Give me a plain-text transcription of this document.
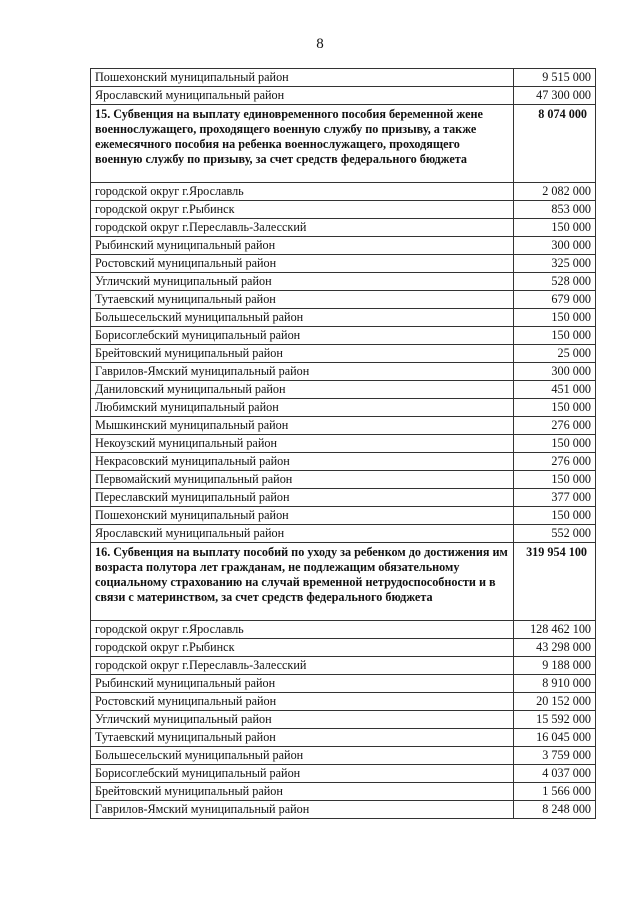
8
Пошехонский муниципальный район	9 515 000
Ярославский муниципальный район	47 300 000
15. Субвенция на выплату единовременного пособия беременной жене военнослужащего, проходящего военную службу по призыву, а также ежемесячного пособия на ребенка военнослужащего, проходящего военную службу по призыву, за счет средств федерального бюджета	8 074 000
городской округ г.Ярославль	2 082 000
городской округ г.Рыбинск	853 000
городской округ г.Переславль-Залесский	150 000
Рыбинский муниципальный район	300 000
Ростовский муниципальный район	325 000
Угличский муниципальный район	528 000
Тутаевский муниципальный район	679 000
Большесельский муниципальный район	150 000
Борисоглебский муниципальный район	150 000
Брейтовский муниципальный район	25 000
Гаврилов-Ямский муниципальный район	300 000
Даниловский муниципальный район	451 000
Любимский муниципальный район	150 000
Мышкинский муниципальный район	276 000
Некоузский муниципальный район	150 000
Некрасовский муниципальный район	276 000
Первомайский муниципальный район	150 000
Переславский муниципальный район	377 000
Пошехонский муниципальный район	150 000
Ярославский муниципальный район	552 000
16. Субвенция на выплату пособий по уходу за ребенком до достижения им возраста полутора лет гражданам, не подлежащим обязательному социальному страхованию на случай временной нетрудоспособности и в связи с материнством, за счет средств федерального бюджета	319 954 100
городской округ г.Ярославль	128 462 100
городской округ г.Рыбинск	43 298 000
городской округ г.Переславль-Залесский	9 188 000
Рыбинский муниципальный район	8 910 000
Ростовский муниципальный район	20 152 000
Угличский муниципальный район	15 592 000
Тутаевский муниципальный район	16 045 000
Большесельский муниципальный район	3 759 000
Борисоглебский муниципальный район	4 037 000
Брейтовский муниципальный район	1 566 000
Гаврилов-Ямский муниципальный район	8 248 000
